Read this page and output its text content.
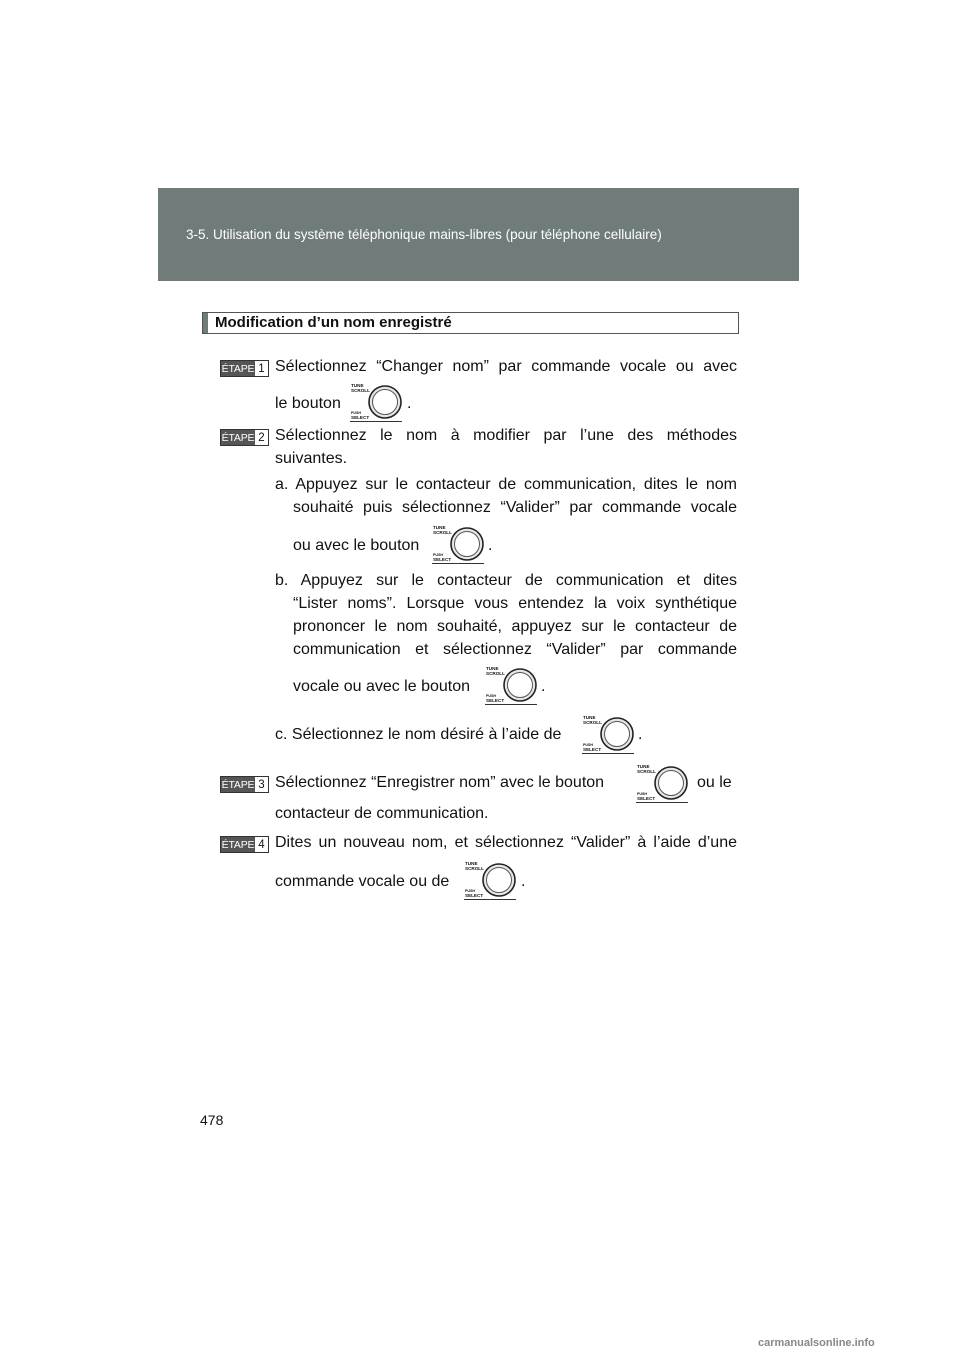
3-5. Utilisation du système téléphonique mains-libres (pour téléphone cellulaire)
Modification d’un nom enregistré
ÉTAPE 1 Sélectionnez “Changer nom” par commande vocale ou avec
le bouton
TUNE
SCROLL
PUSH
SELECT
.
ÉTAPE 2 Sélectionnez le nom à modifier par l’une des méthodes
suivantes.
a. Appuyez sur le contacteur de communication, dites le nom
souhaité puis sélectionnez “Valider” par commande vocale
ou avec le bouton
TUNE
SCROLL
PUSH
SELECT
.
b. Appuyez sur le contacteur de communication et dites
“Lister noms”. Lorsque vous entendez la voix synthétique
prononcer le nom souhaité, appuyez sur le contacteur de
communication et sélectionnez “Valider” par commande
vocale ou avec le bouton
TUNE
SCROLL
PUSH
SELECT
.
c. Sélectionnez le nom désiré à l’aide de
TUNE
SCROLL
PUSH
SELECT
.
ÉTAPE 3 Sélectionnez “Enregistrer nom” avec le bouton
TUNE
SCROLL
PUSH
SELECT
ou le
contacteur de communication.
ÉTAPE 4 Dites un nouveau nom, et sélectionnez “Valider” à l’aide d’une
commande vocale ou de
TUNE
SCROLL
PUSH
SELECT
.
478
carmanualsonline.info
